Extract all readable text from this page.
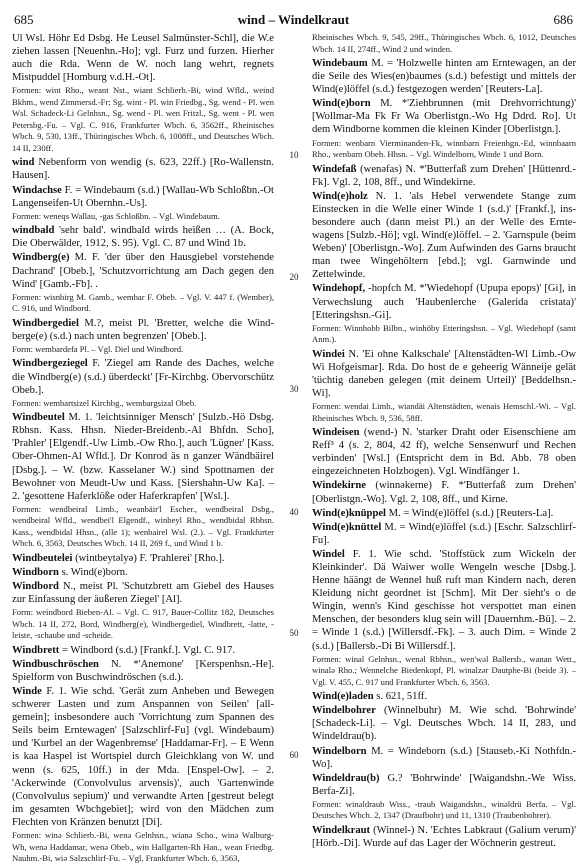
685	wind – Windelkraut	686
10
20
30
40
50
60

Ul Wsl. Höhr Ed Dsbg. He Leusel Salmünster-Schl], die W.e ziehen lassen [Neuenhn.-Ho]; vgl. Furz und furzen. Hierher auch die Rda. Wenn de W. noch lang wehrt, regnets Mistpuddel [Homburg v.d.H.-Ot].

Formen: wint Rho., weant Nst., wiant Schlierb.-Bi, wind Wfld., weind Bkhm., wend Zimmersd.-Fr; Sg. wint - Pl. win Friedbg., Sg. wend - Pl. wen Wsl. Schadeck-Li Gelnhsn., Sg. wend - Pl. wen Fritzl., Sg. went - Pl. wen Petersbg.-Fu. – Vgl. C. 916, Frankfurter Wbch. 6, 3562ff., Rheinisches Wbch. 9, 530, 13ff., Thüringisches Wbch. 6, 1008ff., und Deutsches Wbch. 14 II, 230ff.

wind Nebenform von wendig (s. 623, 22ff.) [Ro-Wallenstn. Hausen].

Windachse F. = Windebaum (s.d.) [Wallau-Wb Schloßbn.-Ot Langenseifen-Ut Obernhn.-Us].

Formen: weneqs Wallau, -gas Schloßbn. – Vgl. Windebaum.

windbald 'sehr bald'. windbald wirds heißen … (A. Bock, Die Oberwälder, 1912, S. 95). Vgl. C. 87 und Wind 1b.

Windberg(e) M. F. 'der über den Hausgiebel vorstehende Dachrand' [Obeb.], 'Schutzvorrichtung am Dach gegen den Wind' [Gamb.-Fb]. .

Formen: wisnbirg M. Gamb., wembar F. Obeb. – Vgl. V. 447 f. (Wember), C. 916, und Windbord.

Windbergediel M.?, meist Pl. 'Bretter, welche die Windberge(e) (s.d.) nach unten begrenzen' [Obeb.].

Form: wembardefa Pl. – Vgl. Diel und Windbord.

Windbergeziegel F. 'Ziegel am Rande des Daches, welche die Windberg(e) (s.d.) überdeckt' [Fr-Kirchbg. Obervorschütz Obeb.].

Formen: wembartsizel Kirchbg., wembargsizal Obeb.

Windbeutel M. 1. 'leichtsinniger Mensch' [Sulzb.-Hö Dsbg. Rbhsn. Kass. Hhsn. Nieder-Breidenb.-Al Bhfdn. Scho], 'Prahler' [Elgendf.-Uw Limb.-Ow Rho.], auch 'Lügner' [Kass. Ober-Ohmen-Al Wfld.]. Dr Konrod äs n ganzer Wändbäirel [Dsbg.]. – W. (bzw. Kasselaner W.) sind Spottnamen der Bewohner von Meudt-Uw und Kass. [Siershahn-Uw Ka]. – 2. 'gesottene Haferklöße oder Haferkrapfen' [Wsl.].

Formen: wendbeiral Limb., weanbäir'l Escher., wendbeiral Dsbg., wendbeiral Wfld., wendbei'l Elgendf., winbeyl Rho., wendbidal Rbhsn. Kass., wendbidal Hhsn., (alle 1); wenbairel Wsl. (2.). – Vgl. Frankfurter Wbch. 6, 3563, Deutsches Wbch. 14 II, 269 f., und Wind 1 b.

Windbeutelei (wintbeytəlyə) F. 'Prahlerei' [Rho.].

Windborn s. Wind(e)born.

Windbord N., meist Pl. 'Schutzbrett am Giebel des Hauses zur Einfassung der äußeren Ziegel' [Al].

Form: weindbord Bieben-Al. – Vgl. C. 917, Bauer-Collitz 182, Deutsches Wbch. 14 II, 272, Bord, Windberg(e), Windbergediel, Windbrett, -latte, -leiste, -schaube und -scheide.

Windbrett = Windbord (s.d.) [Frankf.]. Vgl. C. 917.

Windbuschröschen N. *'Anemone' [Kerspenhsn.-He]. Spielform von Buschwindröschen (s.d.).

Winde F. 1. Wie schd. 'Gerät zum Anheben und Bewegen schwerer Lasten und zum Anspannen von Seilen' [allgemein]; insbesondere auch 'Vorrichtung zum Spannen des Seils beim Erntewagen' [Salzschlirf-Fu] (vgl. Windebaum) und 'Kurbel an der Wagenbremse' [Haddamar-Fr]. – E Wenn is kaa Haspel ist Wortspiel durch Gleichklang von W. und wenn (s. 625, 10ff.) in der Mda. [Enspel-Ow]. – 2. 'Ackerwinde (Convolvulus arvensis)', auch 'Gartenwinde (Convolvulus sepium)' und verwandte Arten [gestreut belegt im gesamten Wbchgebiet]; wird von den Mädchen zum Flechten von Kränzen benutzt [Di].

Formen: winə Schlierb.-Bi, wenə Gelnhsn., wianə Scho., winə Walburg-Wh, wenə Haddamar, wenə Obeb., win Hallgarten-Rh Han., wean Friedbg. Nauhm.-Bi, wiə Salzschlirf-Fu. – Vgl. Frankfurter Wbch. 6, 3563,

Rheinisches Wbch. 9, 545, 29ff., Thüringisches Wbch. 6, 1012, Deutsches Wbch. 14 II, 274ff., Wind 2 und winden.

Windebaum M. = 'Holzwelle hinten am Erntewagen, an der die Seile des Wies(en)baumes (s.d.) befestigt und mittels der Wind(e)löffel (s.d.) festgezogen werden' [Reuters-La].

Wind(e)born M. *'Ziehbrunnen (mit Drehvorrichtung)' [Wollmar-Ma Fk Fr Wa Oberlistgn.-Wo Hg Ddrd. Ro]. Ut dem Windborne kommen die kleinen Kinder [Oberlistgn.].

Formen: wenbarn Vierminanden-Fk, winnbarn Freienhgn.-Ed, winnbaarn Rho., wenbarn Obeh. Hhsn. – Vgl. Windelborn, Winde 1 und Born.

Windefaß (wenəfas) N. *'Butterfaß zum Drehen' [Hüttenrd.-Fk]. Vgl. 2, 108, 8ff., und Windekirne.

Wind(e)holz N. 1. 'als Hebel verwendete Stange zum Einstecken in die Welle einer Winde 1 (s.d.)' [Frankf.], insbesondere auch (dann meist Pl.) an der Welle des Erntewagens [Sulzb.-Hö]; vgl. Wind(e)löffel. – 2. 'Garnspule (beim Weben)' [Oberlistgn.-Wo]. Zum Aufwinden des Garns braucht man twee Wingehöltern [ebd.]; vgl. Garnwinde und Zettelwinde.

Windehopf, -hopfch M. *'Wiedehopf (Upupa epops)' [Gi], in Verwechslung auch 'Haubenlerche (Galerida cristata)' [Etteringshsn.-Gi].

Formen: Winnhobb Bilbn., winhöby Etteringshsn. – Vgl. Wiedehopf (samt Anm.).

Windei N. 'Ei ohne Kalkschale' [Altenstädten-Wl Limb.-Ow Wi Hofgeismar]. Rda. Do host de e geheerig Wänneije gelät 'tüchtig daneben gelegen (mit deinem Urteil)' [Beddelhsn.-Wi].

Formen: wendai Limb., wiandäi Altenstädten, wenais Hemschl.-Wi. – Vgl. Rheinisches Wbch. 9, 536, 58ff.

Windeisen (wend-) N. 'starker Draht oder Eisenschiene am Reff³ 4 (s. 2, 804, 42 ff), welche Sensenwurf und Rechen verbinden' [Wsl.] (Entspricht dem in Bd. Abb. 78 oben eingezeichneten Holzbogen). Vgl. Windfänger 1.

Windekirne (winnəkerne) F. *'Butterfaß zum Drehen' [Oberlistgn.-Wo]. Vgl. 2, 108, 8ff., und Kirne.

Wind(e)knüppel M. = Wind(e)löffel (s.d.) [Reuters-La].

Wind(e)knüttel M. = Wind(e)löffel (s.d.) [Eschr. Salzschlirf-Fu].

Windel F. 1. Wie schd. 'Stoffstück zum Wickeln der Kleinkinder'. Dä Waiwer wolle Wengeln wesche [Dsbg.]. Henne häängt de Wennel huß ruft man Kindern nach, deren Kleidung nicht geordnet ist [Schm]. Mit Der sieht's o de Wingin, wenn's Kind geschisse hot verspottet man einen Menschen, der besonders klug sein will [Dauernhm.-Bü]. – 2. = Winde 1 (s.d.) [Willersdf.-Fk]. – 3. auch Dim. = Winde 2 (s.d.) [Ballersb.-Di Bi Willersdf.].

Formen: winal Gelnhsn., wenəl Rbhsn., wen'wəl Ballersb., wanan Wett., winalə Rho.; Wennelche Biedenkopf, Pl. winalzər Dautphe-Bi (beide 3). – Vgl. V. 455, C. 917 und Frankfurter Wbch. 6, 3563.

Wind(e)laden s. 621, 51ff.

Windelbohrer (Winnelbuhr) M. Wie schd. 'Bohrwinde' [Schadeck-Li]. – Vgl. Deutsches Wbch. 14 II, 283, und Windeldrau(b).

Windelborn M. = Windeborn (s.d.) [Stauseb.-Ki Nothfdn.-Wo].

Windeldrau(b) G.? 'Bohrwinde' [Waigandshn.-We Wiss. Berfa-Zi].

Formen: winəldraub Wiss., -traub Waigandshn., winəldrü Berfa. – Vgl. Deutsches Wbch. 2, 1347 (Draufbohr) und 11, 1310 (Traubenbohrer).

Windelkraut (Winnel-) N. 'Echtes Labkraut (Galium verum)' [Hörb.-Di]. Wurde auf das Lager der Wöchnerin gestreut.
